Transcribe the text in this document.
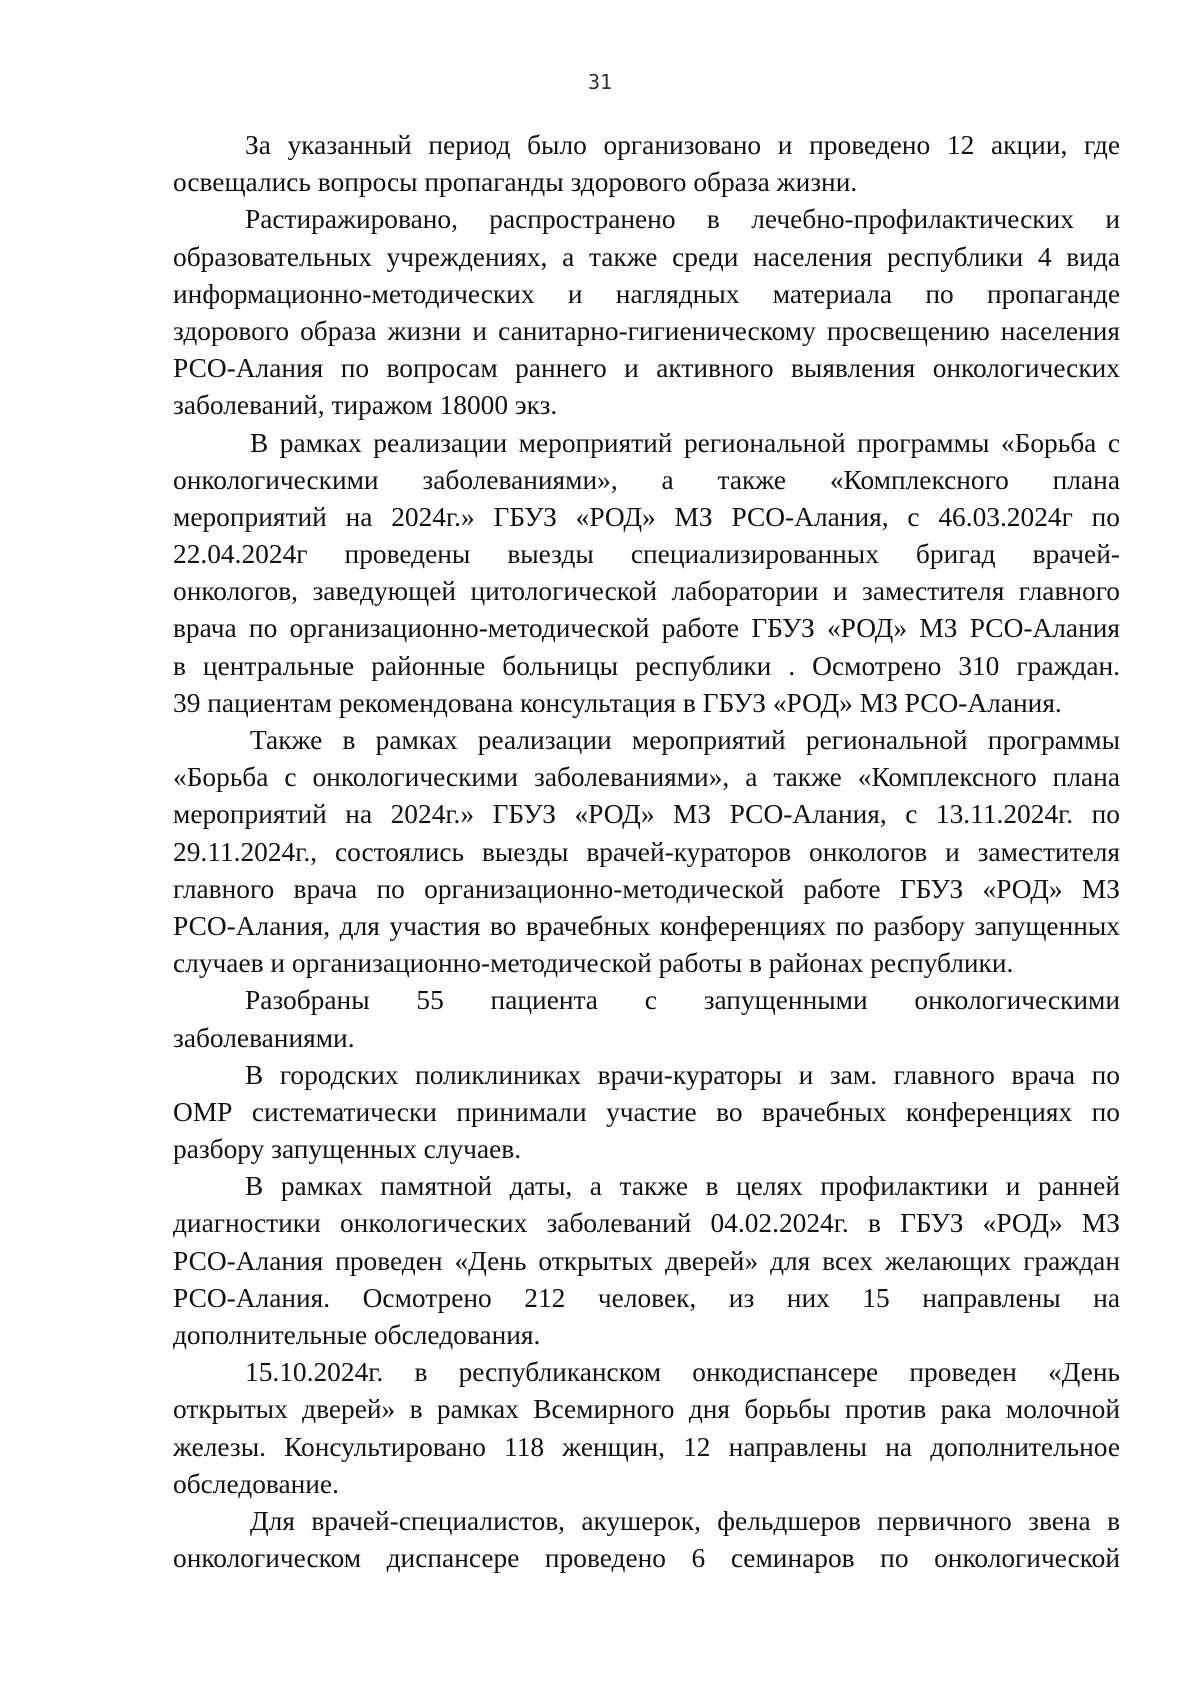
31
За указанный период было организовано и проведено 12 акции, где
освещались вопросы пропаганды здорового образа жизни.
Растиражировано, распространено в лечебно-профилактических и
образовательных учреждениях, а также среди населения республики 4 вида
информационно-методических и наглядных материала по пропаганде
здорового образа жизни и санитарно-гигиеническому просвещению населения
РСО-Алания по вопросам раннего и активного выявления онкологических
заболеваний, тиражом 18000 экз.
В рамках реализации мероприятий региональной программы «Борьба с
онкологическими заболеваниями», а также «Комплексного плана
мероприятий на 2024г.» ГБУЗ «РОД» МЗ РСО-Алания, с 46.03.2024г по
22.04.2024г проведены выезды специализированных бригад врачей-
онкологов, заведующей цитологической лаборатории и заместителя главного
врача по организационно-методической работе ГБУЗ «РОД» МЗ РСО-Алания
в центральные районные больницы республики . Осмотрено 310 граждан.
39 пациентам рекомендована консультация в ГБУЗ «РОД» МЗ РСО-Алания.
Также в рамках реализации мероприятий региональной программы
«Борьба с онкологическими заболеваниями», а также «Комплексного плана
мероприятий на 2024г.» ГБУЗ «РОД» МЗ РСО-Алания, с 13.11.2024г. по
29.11.2024г., состоялись выезды врачей-кураторов онкологов и заместителя
главного врача по организационно-методической работе ГБУЗ «РОД» МЗ
РСО-Алания, для участия во врачебных конференциях по разбору запущенных
случаев и организационно-методической работы в районах республики.
Разобраны 55 пациента с запущенными онкологическими
заболеваниями.
В городских поликлиниках врачи-кураторы и зам. главного врача по
ОМР систематически принимали участие во врачебных конференциях по
разбору запущенных случаев.
В рамках памятной даты, а также в целях профилактики и ранней
диагностики онкологических заболеваний 04.02.2024г. в ГБУЗ «РОД» МЗ
РСО-Алания проведен «День открытых дверей» для всех желающих граждан
РСО-Алания. Осмотрено 212 человек, из них 15 направлены на
дополнительные обследования.
15.10.2024г. в республиканском онкодиспансере проведен «День
открытых дверей» в рамках Всемирного дня борьбы против рака молочной
железы. Консультировано 118 женщин, 12 направлены на дополнительное
обследование.
Для врачей-специалистов, акушерок, фельдшеров первичного звена в
онкологическом диспансере проведено 6 семинаров по онкологической
